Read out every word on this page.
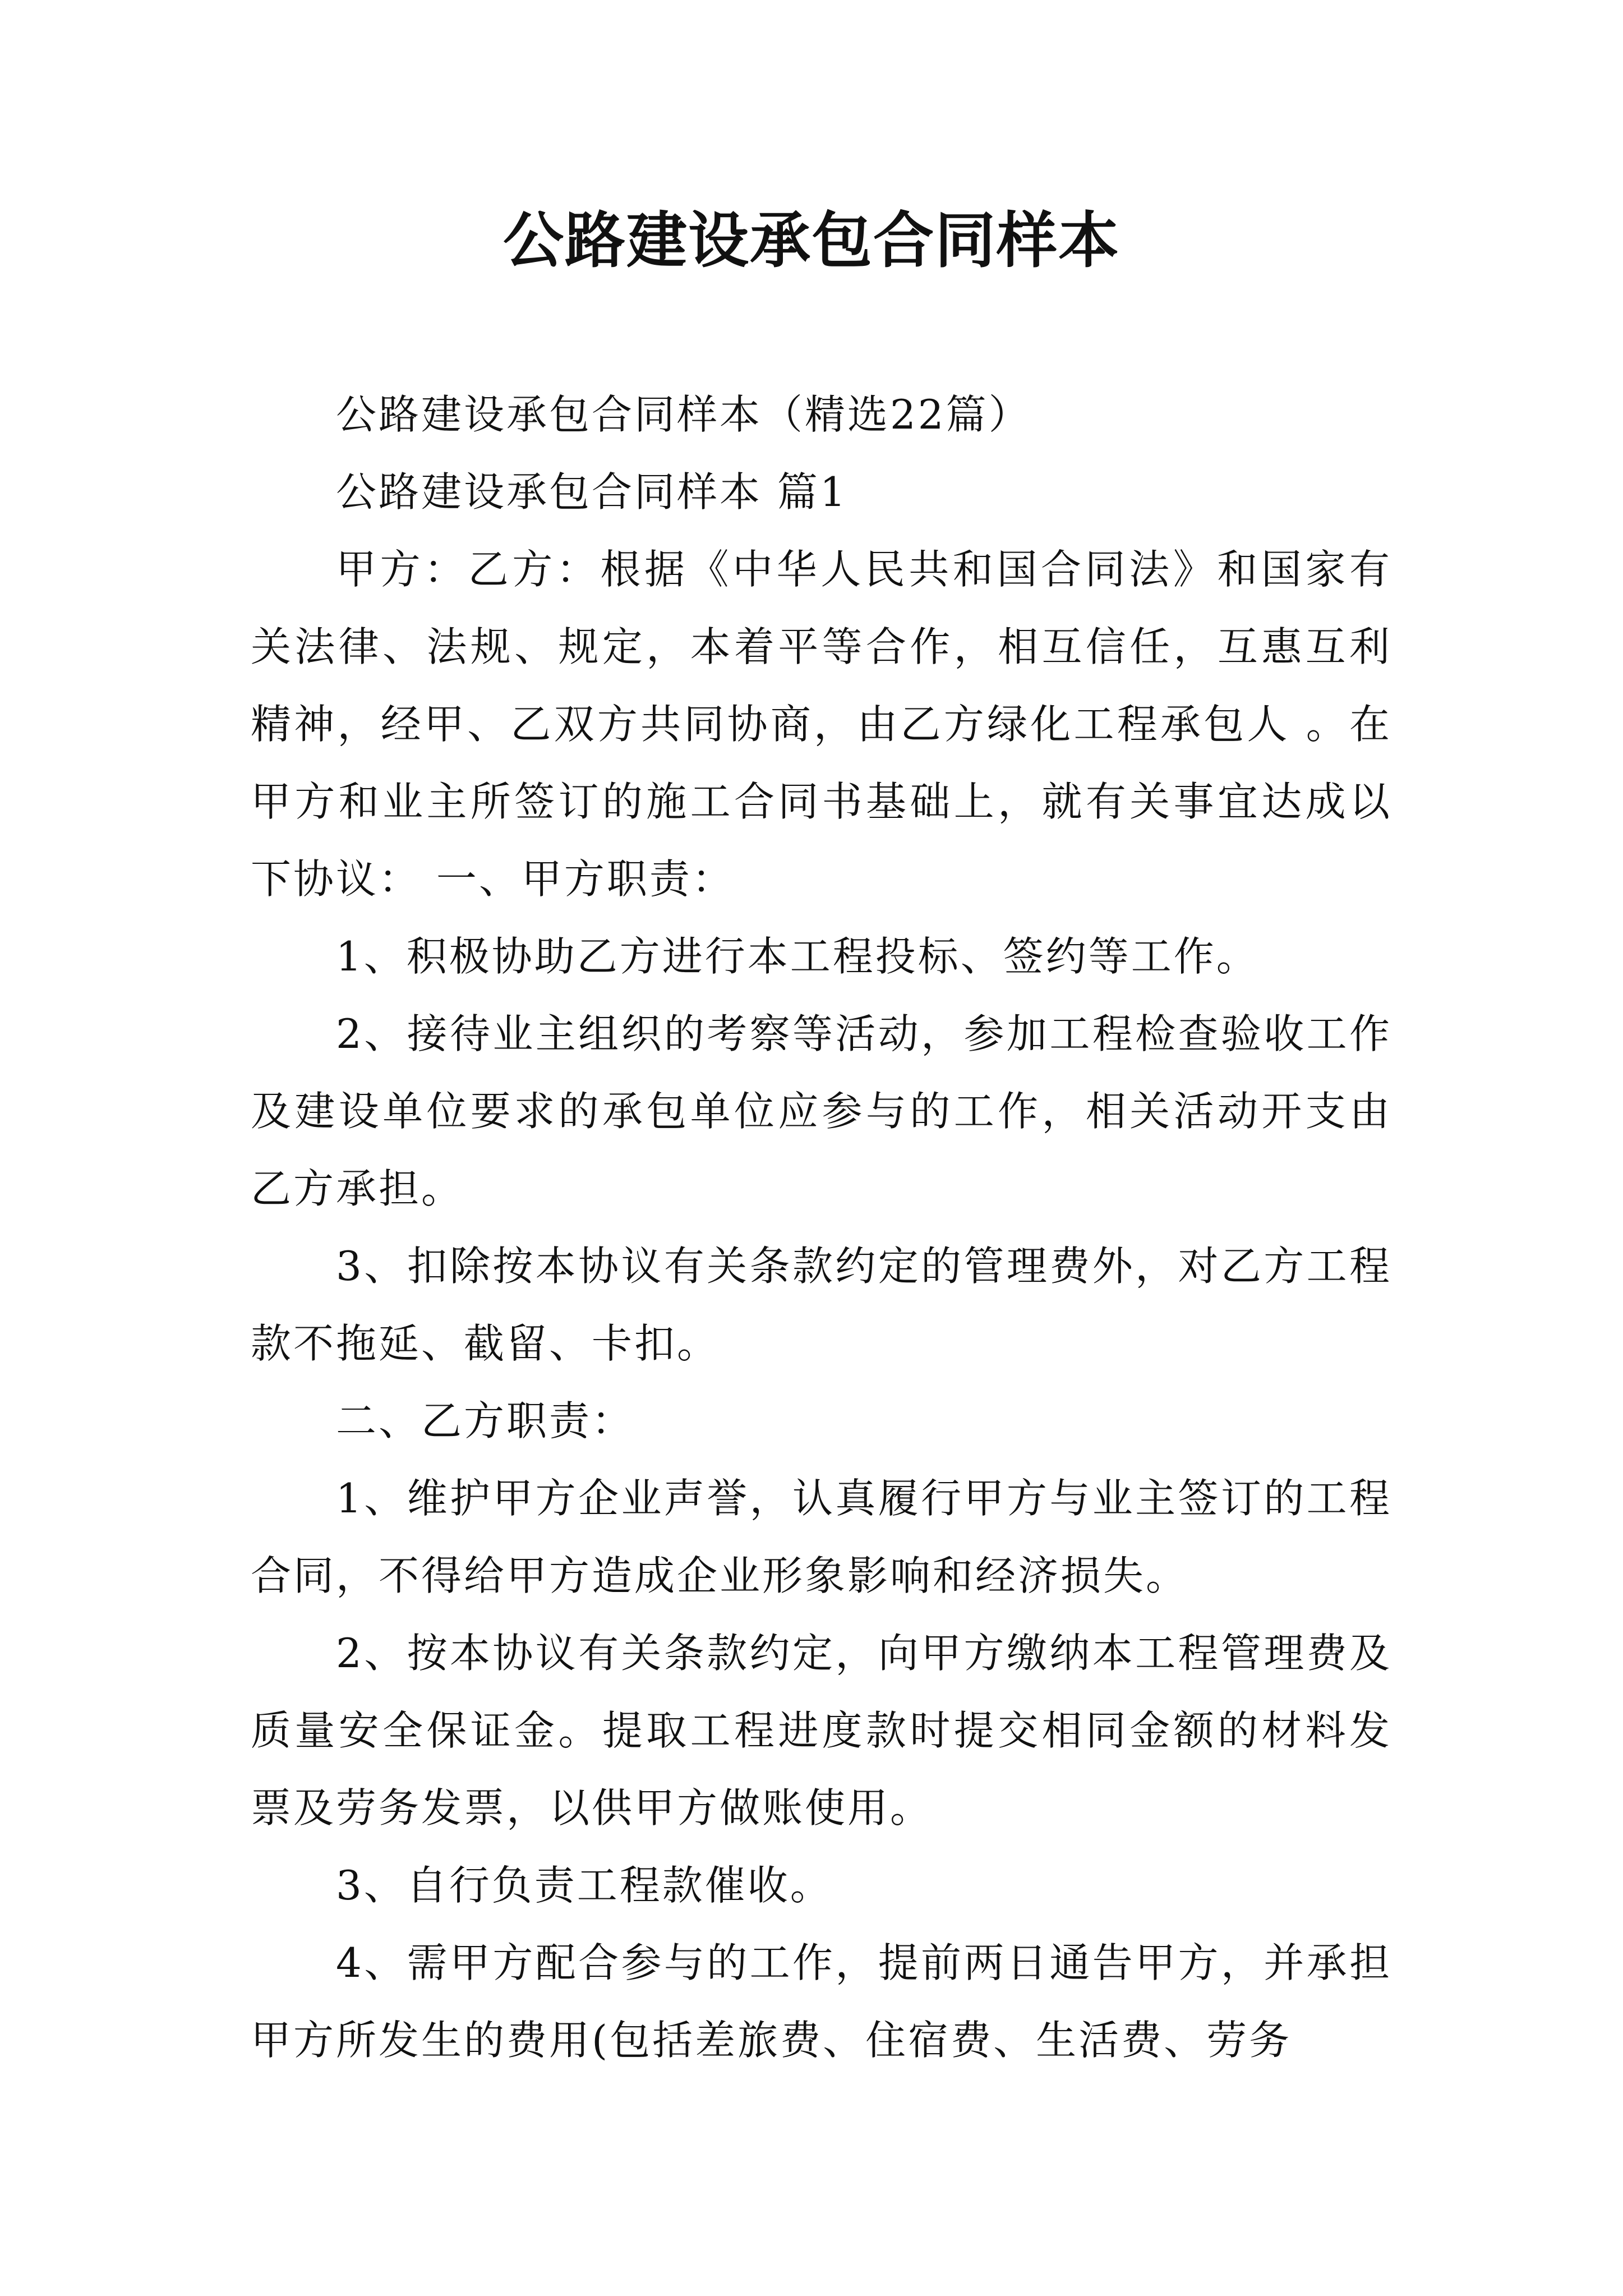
公路建设承包合同样本

公路建设承包合同样本（精选22篇）

公路建设承包合同样本 篇1

甲方：乙方：根据《中华人民共和国合同法》和国家有关法律、法规、规定，本着平等合作，相互信任，互惠互利精神，经甲、乙双方共同协商，由乙方绿化工程承包人 。在甲方和业主所签订的施工合同书基础上，就有关事宜达成以下协议： 一、甲方职责：

1、积极协助乙方进行本工程投标、签约等工作。

2、接待业主组织的考察等活动，参加工程检查验收工作及建设单位要求的承包单位应参与的工作，相关活动开支由乙方承担。

3、扣除按本协议有关条款约定的管理费外，对乙方工程款不拖延、截留、卡扣。

二、乙方职责：

1、维护甲方企业声誉，认真履行甲方与业主签订的工程合同，不得给甲方造成企业形象影响和经济损失。

2、按本协议有关条款约定，向甲方缴纳本工程管理费及质量安全保证金。提取工程进度款时提交相同金额的材料发票及劳务发票，以供甲方做账使用。

3、自行负责工程款催收。

4、需甲方配合参与的工作，提前两日通告甲方，并承担甲方所发生的费用(包括差旅费、住宿费、生活费、劳务
